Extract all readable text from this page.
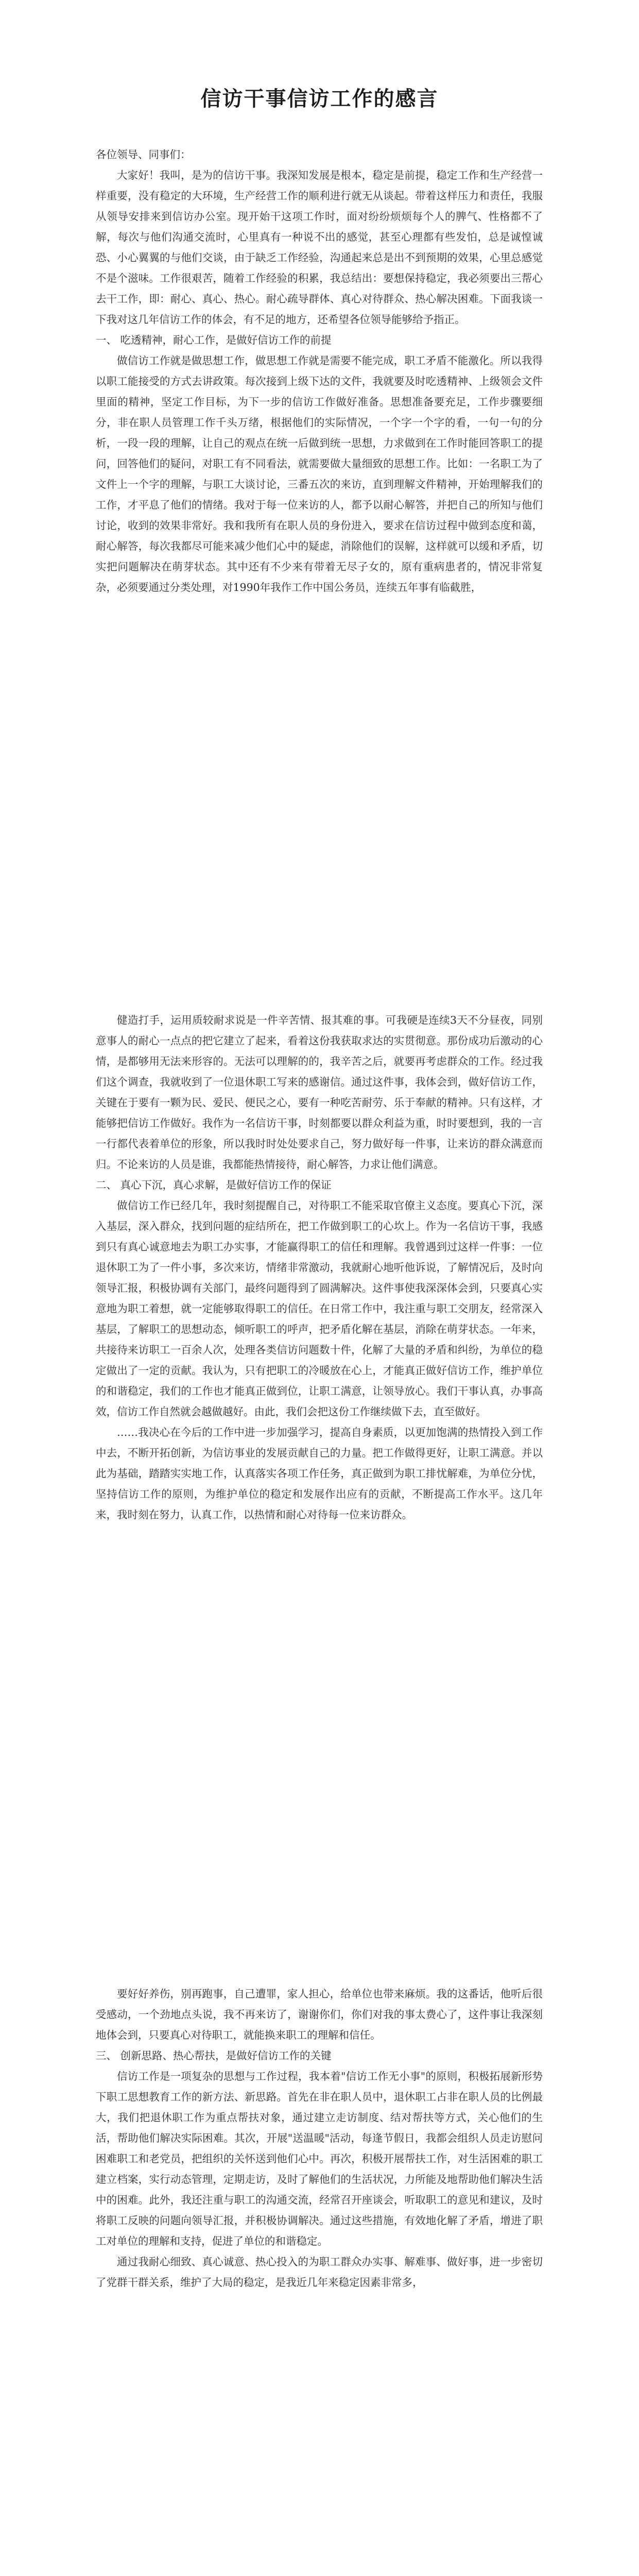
信访干事信访工作的感言

各位领导、同事们：

大家好！我叫，是为的信访干事。我深知发展是根本，稳定是前提，稳定工作和生产经营一样重要，没有稳定的大环境，生产经营工作的顺利进行就无从谈起。带着这样压力和责任，我服从领导安排来到信访办公室。现开始干这项工作时，面对纷纷烦烦每个人的脾气、性格都不了解，每次与他们沟通交流时，心里真有一种说不出的感觉，甚至心理都有些发怕，总是诚惶诚恐、小心翼翼的与他们交谈，由于缺乏工作经验，沟通起来总是出不到预期的效果，心里总感觉不是个滋味。工作很艰苦，随着工作经验的积累，我总结出：要想保持稳定，我必须要出三帮心去干工作，即：耐心、真心、热心。耐心疏导群体、真心对待群众、热心解决困难。下面我谈一下我对这几年信访工作的体会，有不足的地方，还希望各位领导能够给予指正。

一、 吃透精神，耐心工作，是做好信访工作的前提

做信访工作就是做思想工作，做思想工作就是需要不能完成，职工矛盾不能激化。所以我得以职工能接受的方式去讲政策。每次接到上级下达的文件，我就要及时吃透精神、上级领会文件里面的精神，坚定工作目标，为下一步的信访工作做好准备。思想准备要充足，工作步骤要细分，非在职人员管理工作千头万绪，根据他们的实际情况，一个字一个字的看，一句一句的分析，一段一段的理解，让自己的观点在统一后做到统一思想，力求做到在工作时能回答职工的提问，回答他们的疑问，对职工有不同看法，就需要做大量细致的思想工作。比如：一名职工为了文件上一个字的理解，与职工大谈讨论，三番五次的来访，直到理解文件精神，开始理解我们的工作，才平息了他们的情绪。我对于每一位来访的人，都予以耐心解答，并把自己的所知与他们讨论，收到的效果非常好。我和我所有在职人员的身份进入，要求在信访过程中做到态度和蔼，耐心解答，每次我都尽可能来减少他们心中的疑虑，消除他们的误解，这样就可以缓和矛盾，切实把问题解决在萌芽状态。其中还有不少来有带着无尽子女的，原有重病患者的，情况非常复杂，必须要通过分类处理，对1990年我作工作中国公务员，连续五年事有临截胜，

健造打手，运用质较耐求说是一件辛苦情、报其难的事。可我硬是连续3天不分昼夜，同别意事人的耐心一点点的把它建立了起来，看着这份我获取求达的实贯彻意。那份成功后激动的心情，是都够用无法来形容的。无法可以理解的的，我辛苦之后，就要再考虑群众的工作。经过我们这个调查，我就收到了一位退休职工写来的感谢信。通过这件事，我体会到，做好信访工作，关键在于要有一颗为民、爱民、便民之心，要有一种吃苦耐劳、乐于奉献的精神。只有这样，才能够把信访工作做好。我作为一名信访干事，时刻都要以群众利益为重，时时要想到，我的一言一行都代表着单位的形象，所以我时时处处要求自己，努力做好每一件事，让来访的群众满意而归。不论来访的人员是谁，我都能热情接待，耐心解答，力求让他们满意。

二、 真心下沉，真心求解，是做好信访工作的保证

做信访工作已经几年，我时刻提醒自己，对待职工不能采取官僚主义态度。要真心下沉，深入基层，深入群众，找到问题的症结所在，把工作做到职工的心坎上。作为一名信访干事，我感到只有真心诚意地去为职工办实事，才能赢得职工的信任和理解。我曾遇到过这样一件事：一位退休职工为了一件小事，多次来访，情绪非常激动，我就耐心地听他诉说，了解情况后，及时向领导汇报，积极协调有关部门，最终问题得到了圆满解决。这件事使我深深体会到，只要真心实意地为职工着想，就一定能够取得职工的信任。在日常工作中，我注重与职工交朋友，经常深入基层，了解职工的思想动态，倾听职工的呼声，把矛盾化解在基层，消除在萌芽状态。一年来，共接待来访职工一百余人次，处理各类信访问题数十件，化解了大量的矛盾和纠纷，为单位的稳定做出了一定的贡献。我认为，只有把职工的冷暖放在心上，才能真正做好信访工作，维护单位的和谐稳定，我们的工作也才能真正做到位，让职工满意，让领导放心。我们干事认真，办事高效，信访工作自然就会越做越好。由此，我们会把这份工作继续做下去，直至做好。

……我决心在今后的工作中进一步加强学习，提高自身素质，以更加饱满的热情投入到工作中去，不断开拓创新，为信访事业的发展贡献自己的力量。把工作做得更好，让职工满意。并以此为基础，踏踏实实地工作，认真落实各项工作任务，真正做到为职工排忧解难，为单位分忧，坚持信访工作的原则，为维护单位的稳定和发展作出应有的贡献，不断提高工作水平。这几年来，我时刻在努力，认真工作，以热情和耐心对待每一位来访群众。

要好好养伤，别再跑事，自己遭罪，家人担心，给单位也带来麻烦。我的这番话，他听后很受感动，一个劲地点头说，我不再来访了，谢谢你们，你们对我的事太费心了，这件事让我深刻地体会到，只要真心对待职工，就能换来职工的理解和信任。

三、 创新思路、热心帮扶，是做好信访工作的关键

信访工作是一项复杂的思想与工作过程，我本着"信访工作无小事"的原则，积极拓展新形势下职工思想教育工作的新方法、新思路。首先在非在职人员中，退休职工占非在职人员的比例最大，我们把退休职工作为重点帮扶对象，通过建立走访制度、结对帮扶等方式，关心他们的生活，帮助他们解决实际困难。其次，开展"送温暖"活动，每逢节假日，我都会组织人员走访慰问困难职工和老党员，把组织的关怀送到他们心中。再次，积极开展帮扶工作，对生活困难的职工建立档案，实行动态管理，定期走访，及时了解他们的生活状况，力所能及地帮助他们解决生活中的困难。此外，我还注重与职工的沟通交流，经常召开座谈会，听取职工的意见和建议，及时将职工反映的问题向领导汇报，并积极协调解决。通过这些措施，有效地化解了矛盾，增进了职工对单位的理解和支持，促进了单位的和谐稳定。

通过我耐心细致、真心诚意、热心投入的为职工群众办实事、解难事、做好事，进一步密切了党群干群关系，维护了大局的稳定，是我近几年来稳定因素非常多，
